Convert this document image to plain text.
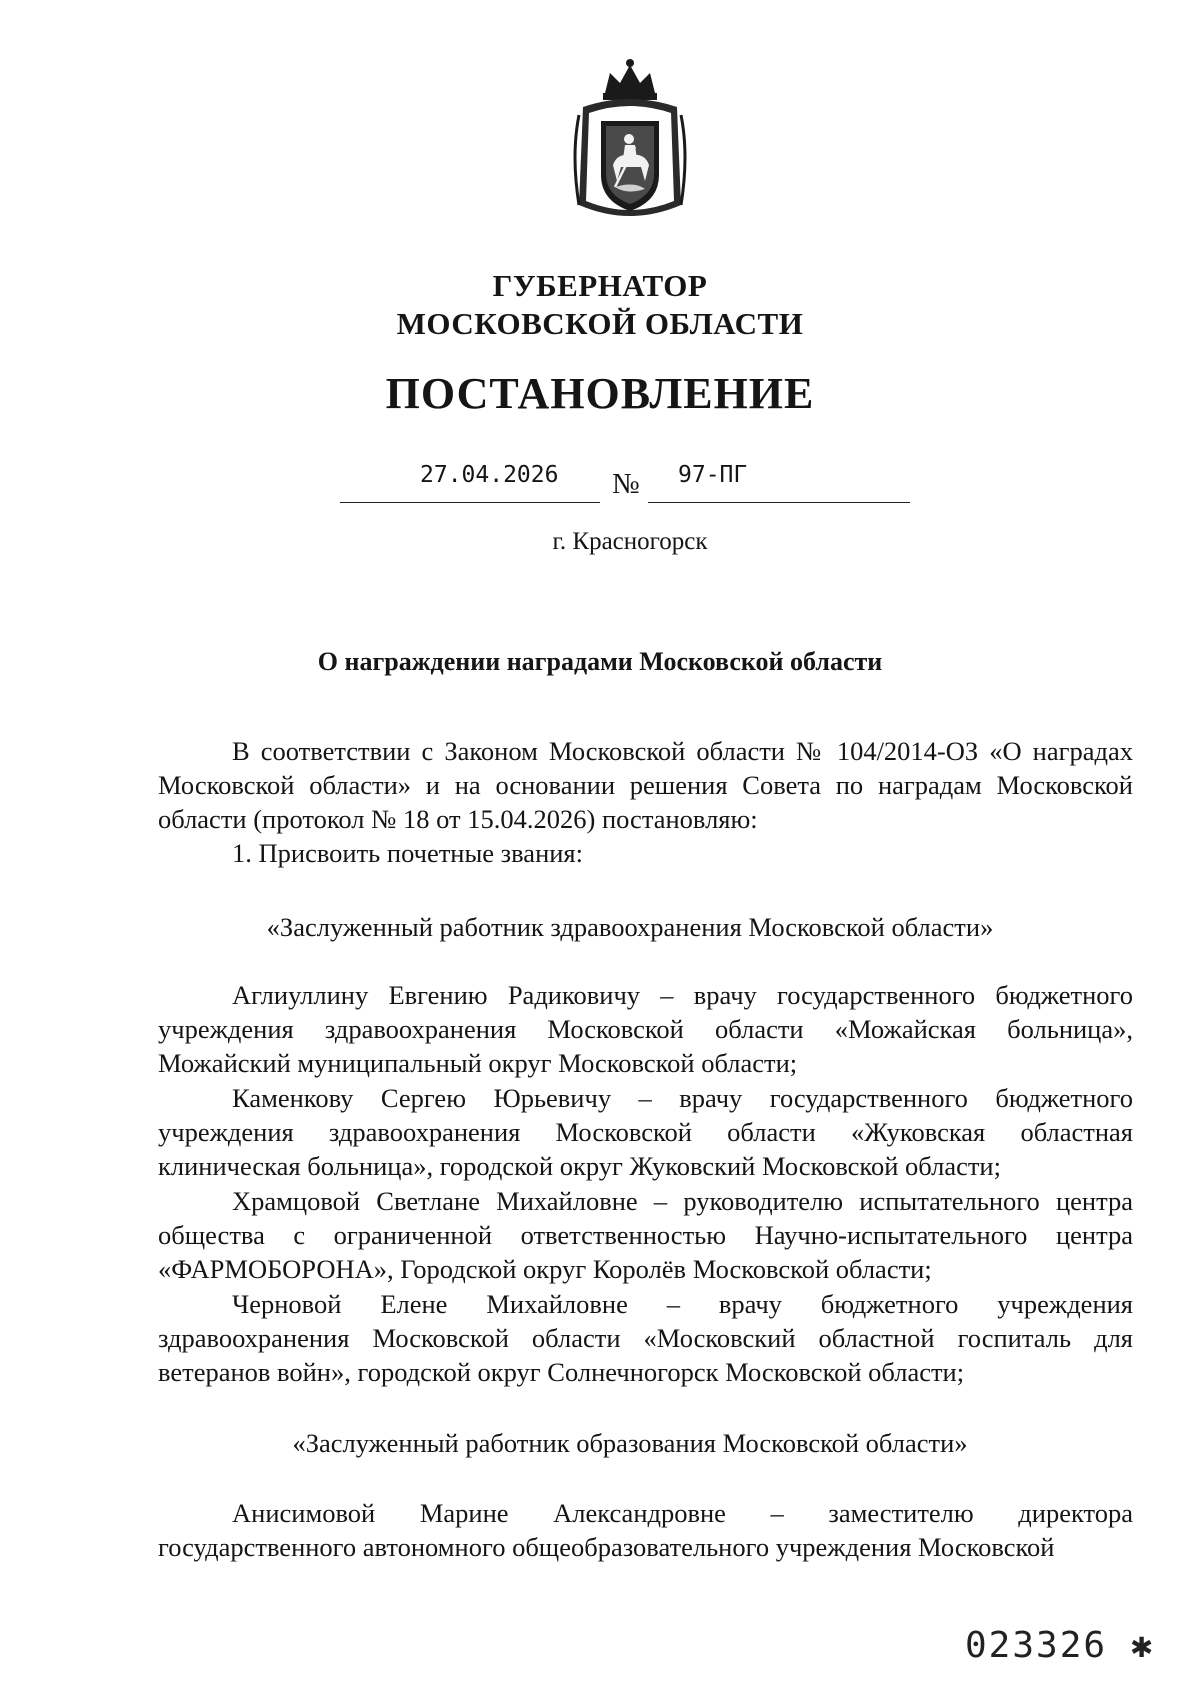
ГУБЕРНАТОР
МОСКОВСКОЙ ОБЛАСТИ
ПОСТАНОВЛЕНИЕ
27.04.2026 № 97-ПГ
г. Красногорск
О награждении наградами Московской области
В соответствии с Законом Московской области № 104/2014-ОЗ «О наградах Московской области» и на основании решения Совета по наградам Московской области (протокол № 18 от 15.04.2026) постановляю:
1. Присвоить почетные звания:
«Заслуженный работник здравоохранения Московской области»
Аглиуллину Евгению Радиковичу – врачу государственного бюджетного учреждения здравоохранения Московской области «Можайская больница», Можайский муниципальный округ Московской области;
Каменкову Сергею Юрьевичу – врачу государственного бюджетного учреждения здравоохранения Московской области «Жуковская областная клиническая больница», городской округ Жуковский Московской области;
Храмцовой Светлане Михайловне – руководителю испытательного центра общества с ограниченной ответственностью Научно-испытательного центра «ФАРМОБОРОНА», Городской округ Королёв Московской области;
Черновой Елене Михайловне – врачу бюджетного учреждения здравоохранения Московской области «Московский областной госпиталь для ветеранов войн», городской округ Солнечногорск Московской области;
«Заслуженный работник образования Московской области»
Анисимовой Марине Александровне – заместителю директора государственного автономного общеобразовательного учреждения Московской
023326 ✱
